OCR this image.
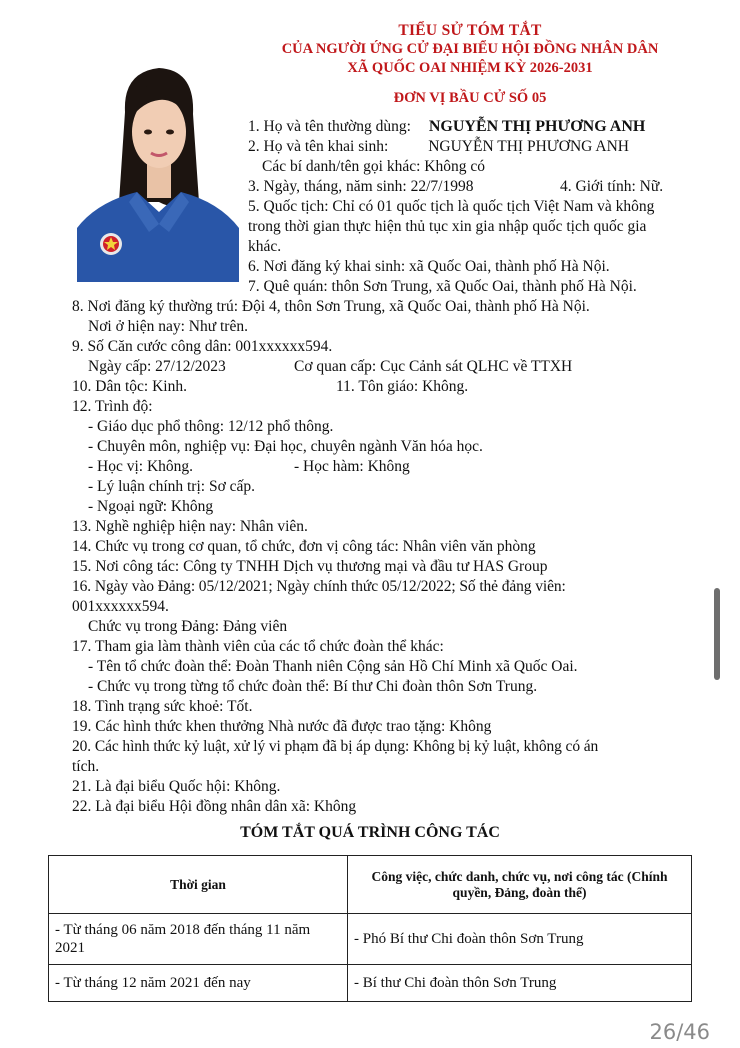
TIỂU SỬ TÓM TẮT
CỦA NGƯỜI ỨNG CỬ ĐẠI BIỂU HỘI ĐỒNG NHÂN DÂN
XÃ QUỐC OAI NHIỆM KỲ 2026-2031
ĐƠN VỊ BẦU CỬ SỐ 05
1. Họ và tên thường dùng: NGUYỄN THỊ PHƯƠNG ANH
2. Họ và tên khai sinh:	NGUYỄN THỊ PHƯƠNG ANH
Các bí danh/tên gọi khác: Không có
3. Ngày, tháng, năm sinh: 22/7/1998	4. Giới tính: Nữ.
5. Quốc tịch: Chỉ có 01 quốc tịch là quốc tịch Việt Nam và không
trong thời gian thực hiện thủ tục xin gia nhập quốc tịch quốc gia
khác.
6. Nơi đăng ký khai sinh: xã Quốc Oai, thành phố Hà Nội.
7. Quê quán: thôn Sơn Trung, xã Quốc Oai, thành phố Hà Nội.
8. Nơi đăng ký thường trú: Đội 4, thôn Sơn Trung, xã Quốc Oai, thành phố Hà Nội.
Nơi ở hiện nay: Như trên.
9. Số Căn cước công dân: 001xxxxxx594.
Ngày cấp: 27/12/2023	Cơ quan cấp: Cục Cảnh sát QLHC về TTXH
10. Dân tộc: Kinh.	11. Tôn giáo: Không.
12. Trình độ:
- Giáo dục phổ thông: 12/12 phổ thông.
- Chuyên môn, nghiệp vụ: Đại học, chuyên ngành Văn hóa học.
- Học vị: Không.	- Học hàm: Không
- Lý luận chính trị: Sơ cấp.
- Ngoại ngữ: Không
13. Nghề nghiệp hiện nay: Nhân viên.
14. Chức vụ trong cơ quan, tổ chức, đơn vị công tác: Nhân viên văn phòng
15. Nơi công tác: Công ty TNHH Dịch vụ thương mại và đầu tư HAS Group
16. Ngày vào Đảng: 05/12/2021; Ngày chính thức 05/12/2022; Số thẻ đảng viên:
001xxxxxx594.
Chức vụ trong Đảng: Đảng viên
17. Tham gia làm thành viên của các tổ chức đoàn thể khác:
- Tên tổ chức đoàn thể: Đoàn Thanh niên Cộng sản Hồ Chí Minh xã Quốc Oai.
- Chức vụ trong từng tổ chức đoàn thể: Bí thư Chi đoàn thôn Sơn Trung.
18. Tình trạng sức khoẻ: Tốt.
19. Các hình thức khen thưởng Nhà nước đã được trao tặng: Không
20. Các hình thức kỷ luật, xử lý vi phạm đã bị áp dụng: Không bị kỷ luật, không có án
tích.
21. Là đại biểu Quốc hội: Không.
22. Là đại biểu Hội đồng nhân dân xã: Không
TÓM TẮT QUÁ TRÌNH CÔNG TÁC
Thời gian	Công việc, chức danh, chức vụ, nơi công tác (Chính quyền, Đảng, đoàn thể)
- Từ tháng 06 năm 2018 đến tháng 11 năm 2021	- Phó Bí thư Chi đoàn thôn Sơn Trung
- Từ tháng 12 năm 2021 đến nay	- Bí thư Chi đoàn thôn Sơn Trung
26/46
